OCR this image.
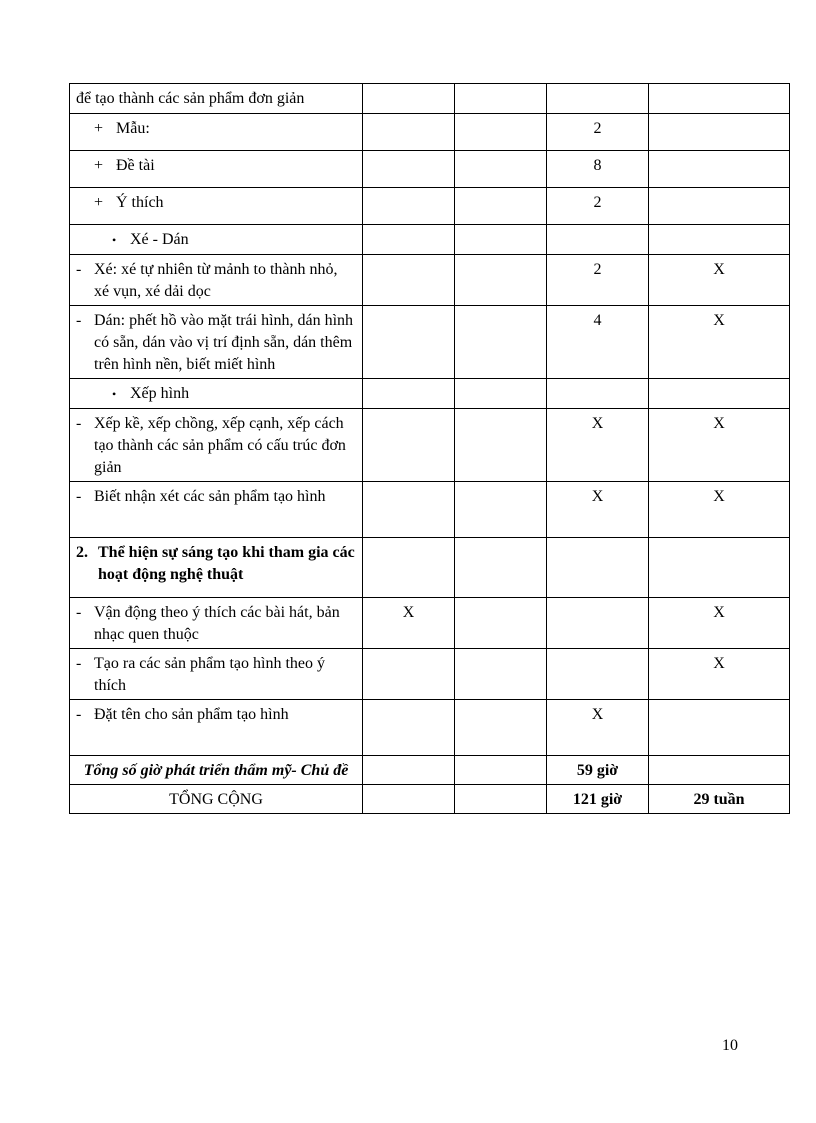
để tạo thành các sản phẩm đơn giản				

+ Mẫu:			2	

+ Đề tài			8	

+ Ý thích			2	

• Xé - Dán				

- Xé: xé tự nhiên từ mảnh to thành nhỏ, xé vụn, xé dải dọc			2	X

- Dán: phết hồ vào mặt trái hình, dán hình có sẵn, dán vào vị trí định sẵn, dán thêm trên hình nền, biết miết hình			4	X

• Xếp hình				

- Xếp kề, xếp chồng, xếp cạnh, xếp cách tạo thành các sản phẩm có cấu trúc đơn giản			X	X

- Biết nhận xét các sản phẩm tạo hình			X	X

2. Thể hiện sự sáng tạo khi tham gia các hoạt động nghệ thuật				

- Vận động theo ý thích các bài hát, bản nhạc quen thuộc	X			X

- Tạo ra các sản phẩm tạo hình theo ý thích				X

- Đặt tên cho sản phẩm tạo hình			X	
Tổng số giờ phát triển thẩm mỹ- Chủ đề			59 giờ	
TỔNG CỘNG			121 giờ	29 tuần
10
